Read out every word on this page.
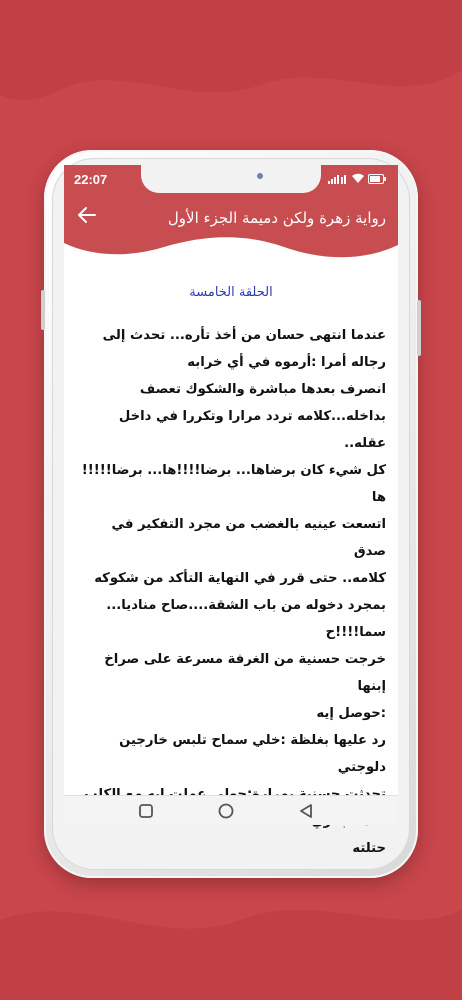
22:07
رواية زهرة ولكن دميمة الجزء الأول
الحلقة الخامسة
عندما انتهى حسان من أخذ تأره... تحدث إلى
رجاله أمرا :أرموه في أي خرابه
انصرف بعدها مباشرة والشكوك تعصف
بداخله...كلامه تردد مرارا وتكررا في داخل عقله..
كل شيء كان برضاها... برضا!!!!ها... برضا!!!!!ها
اتسعت عينيه بالغضب من مجرد التفكير في صدق
كلامه.. حتى قرر في النهاية التأكد من شكوكه
بمجرد دخوله من باب الشقة....صاح مناديا...
سما!!!!ح
خرجت حسنية من الغرفة مسرعة على صراخ إبنها
:حوصل إيه
رد عليها بغلظة :خلي سماح تلبس خارجين دلوجتي
حتلته
